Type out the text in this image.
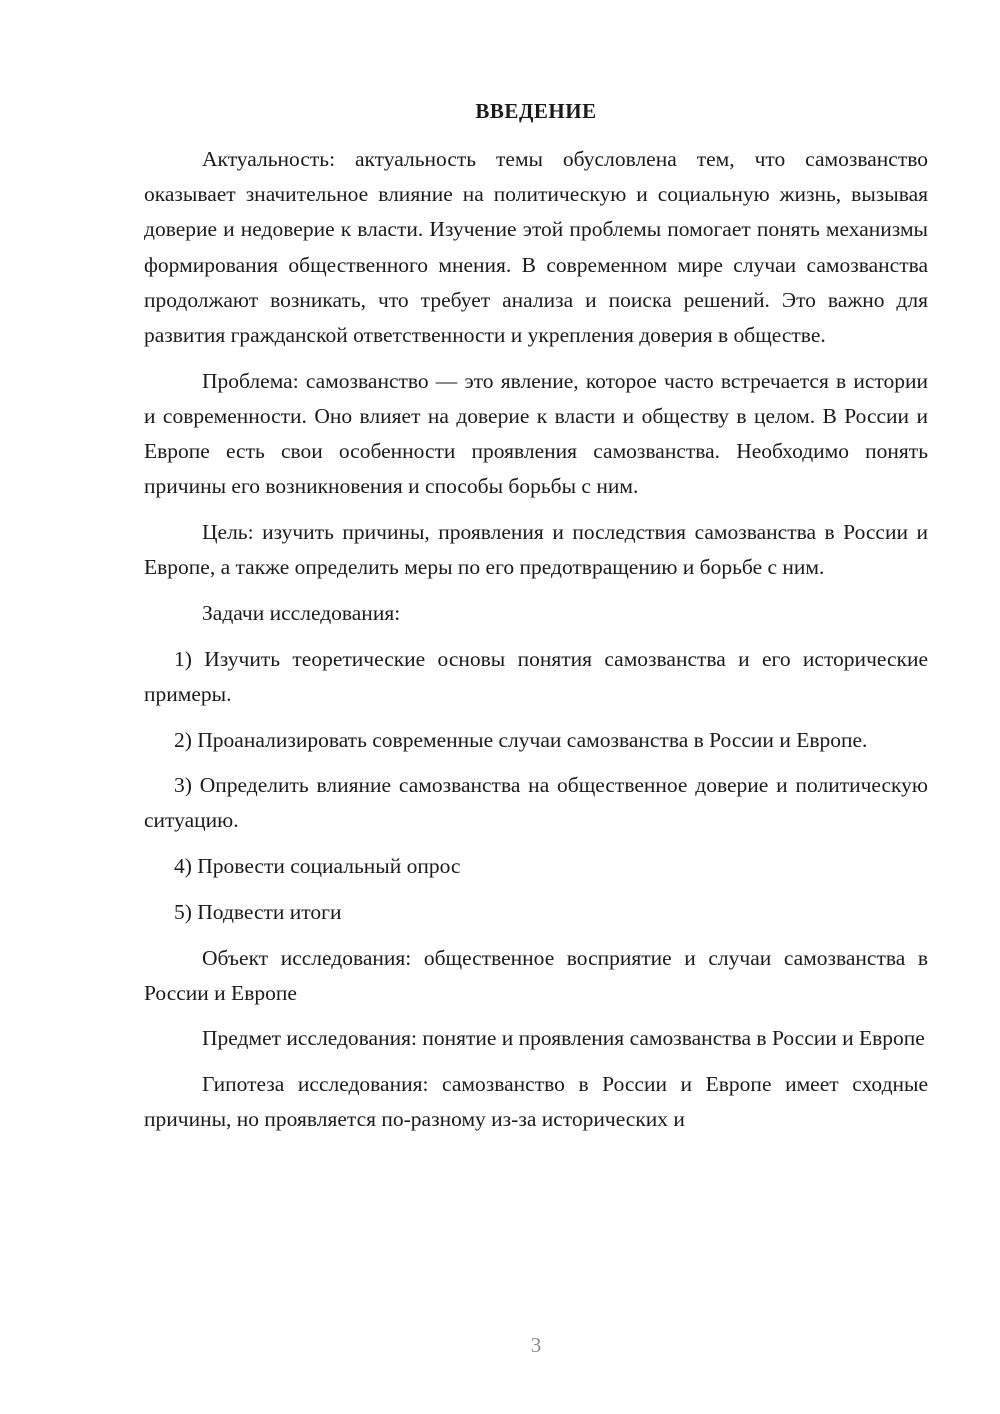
ВВЕДЕНИЕ

Актуальность: актуальность темы обусловлена тем, что самозванство оказывает значительное влияние на политическую и социальную жизнь, вызывая доверие и недоверие к власти. Изучение этой проблемы помогает понять механизмы формирования общественного мнения. В современном мире случаи самозванства продолжают возникать, что требует анализа и поиска решений. Это важно для развития гражданской ответственности и укрепления доверия в обществе.

Проблема: самозванство — это явление, которое часто встречается в истории и современности. Оно влияет на доверие к власти и обществу в целом. В России и Европе есть свои особенности проявления самозванства. Необходимо понять причины его возникновения и способы борьбы с ним.

Цель: изучить причины, проявления и последствия самозванства в России и Европе, а также определить меры по его предотвращению и борьбе с ним.

Задачи исследования:

1) Изучить теоретические основы понятия самозванства и его исторические примеры.

2) Проанализировать современные случаи самозванства в России и Европе.

3) Определить влияние самозванства на общественное доверие и политическую ситуацию.

4) Провести социальный опрос

5) Подвести итоги

Объект исследования: общественное восприятие и случаи самозванства в России и Европе

Предмет исследования: понятие и проявления самозванства в России и Европе

Гипотеза исследования: самозванство в России и Европе имеет сходные причины, но проявляется по-разному из-за исторических и

3
